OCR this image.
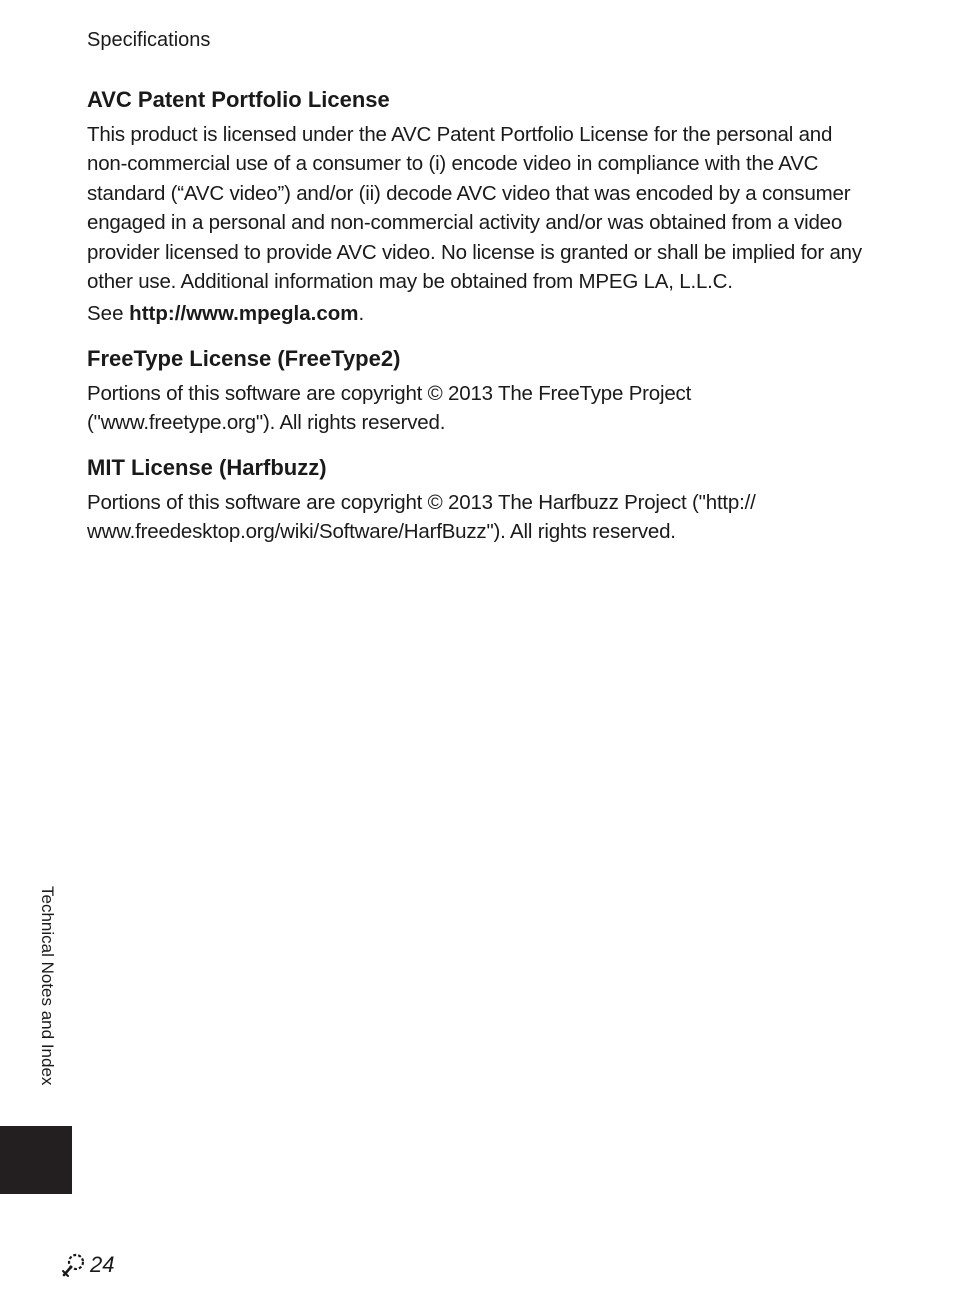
Specifications
AVC Patent Portfolio License

This product is licensed under the AVC Patent Portfolio License for the personal and non-commercial use of a consumer to (i) encode video in compliance with the AVC standard (“AVC video”) and/or (ii) decode AVC video that was encoded by a consumer engaged in a personal and non-commercial activity and/or was obtained from a video provider licensed to provide AVC video. No license is granted or shall be implied for any other use. Additional information may be obtained from MPEG LA, L.L.C.

See http://www.mpegla.com.

FreeType License (FreeType2)

Portions of this software are copyright © 2013 The FreeType Project ("www.freetype.org"). All rights reserved.

MIT License (Harfbuzz)

Portions of this software are copyright © 2013 The Harfbuzz Project ("http:// www.freedesktop.org/wiki/Software/HarfBuzz"). All rights reserved.

Technical Notes and Index
24
